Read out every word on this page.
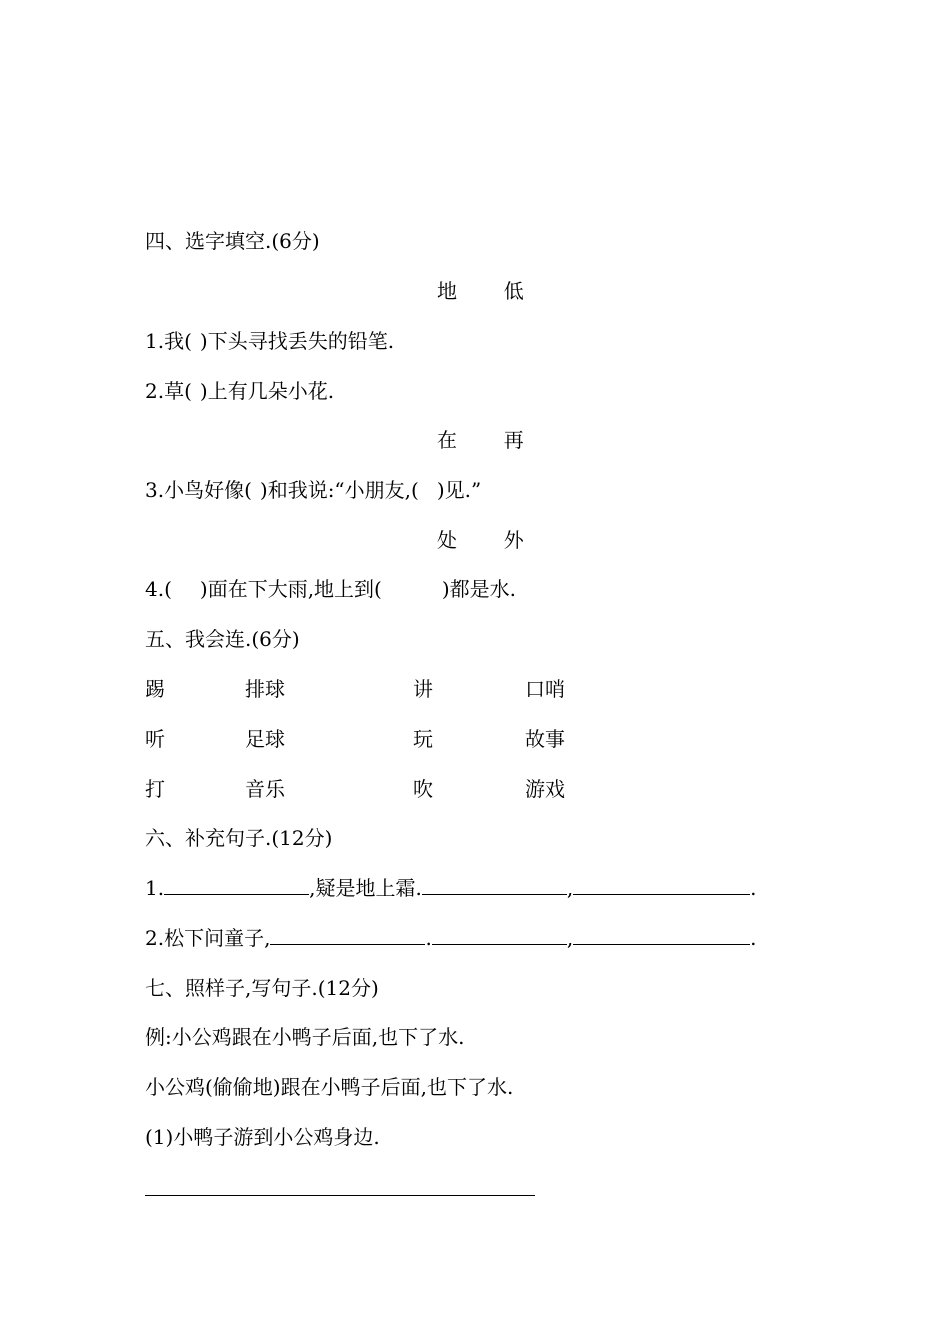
四、选字填空.(6分)
地 低
1.我( )下头寻找丢失的铅笔.
2.草( )上有几朵小花.
在 再
3.小鸟好像( )和我说:“小朋友,( )见.”
处 外
4.( )面在下大雨,地上到(	)都是水.
五、我会连.(6分)
踢	排球	讲	口哨
听	足球	玩	故事
打	音乐	吹	游戏
六、补充句子.(12分)
1.	,疑是地上霜.	,	.
2.松下问童子,	.	,	.
七、照样子,写句子.(12分)
例:小公鸡跟在小鸭子后面,也下了水.
小公鸡(偷偷地)跟在小鸭子后面,也下了水.
(1)小鸭子游到小公鸡身边.
